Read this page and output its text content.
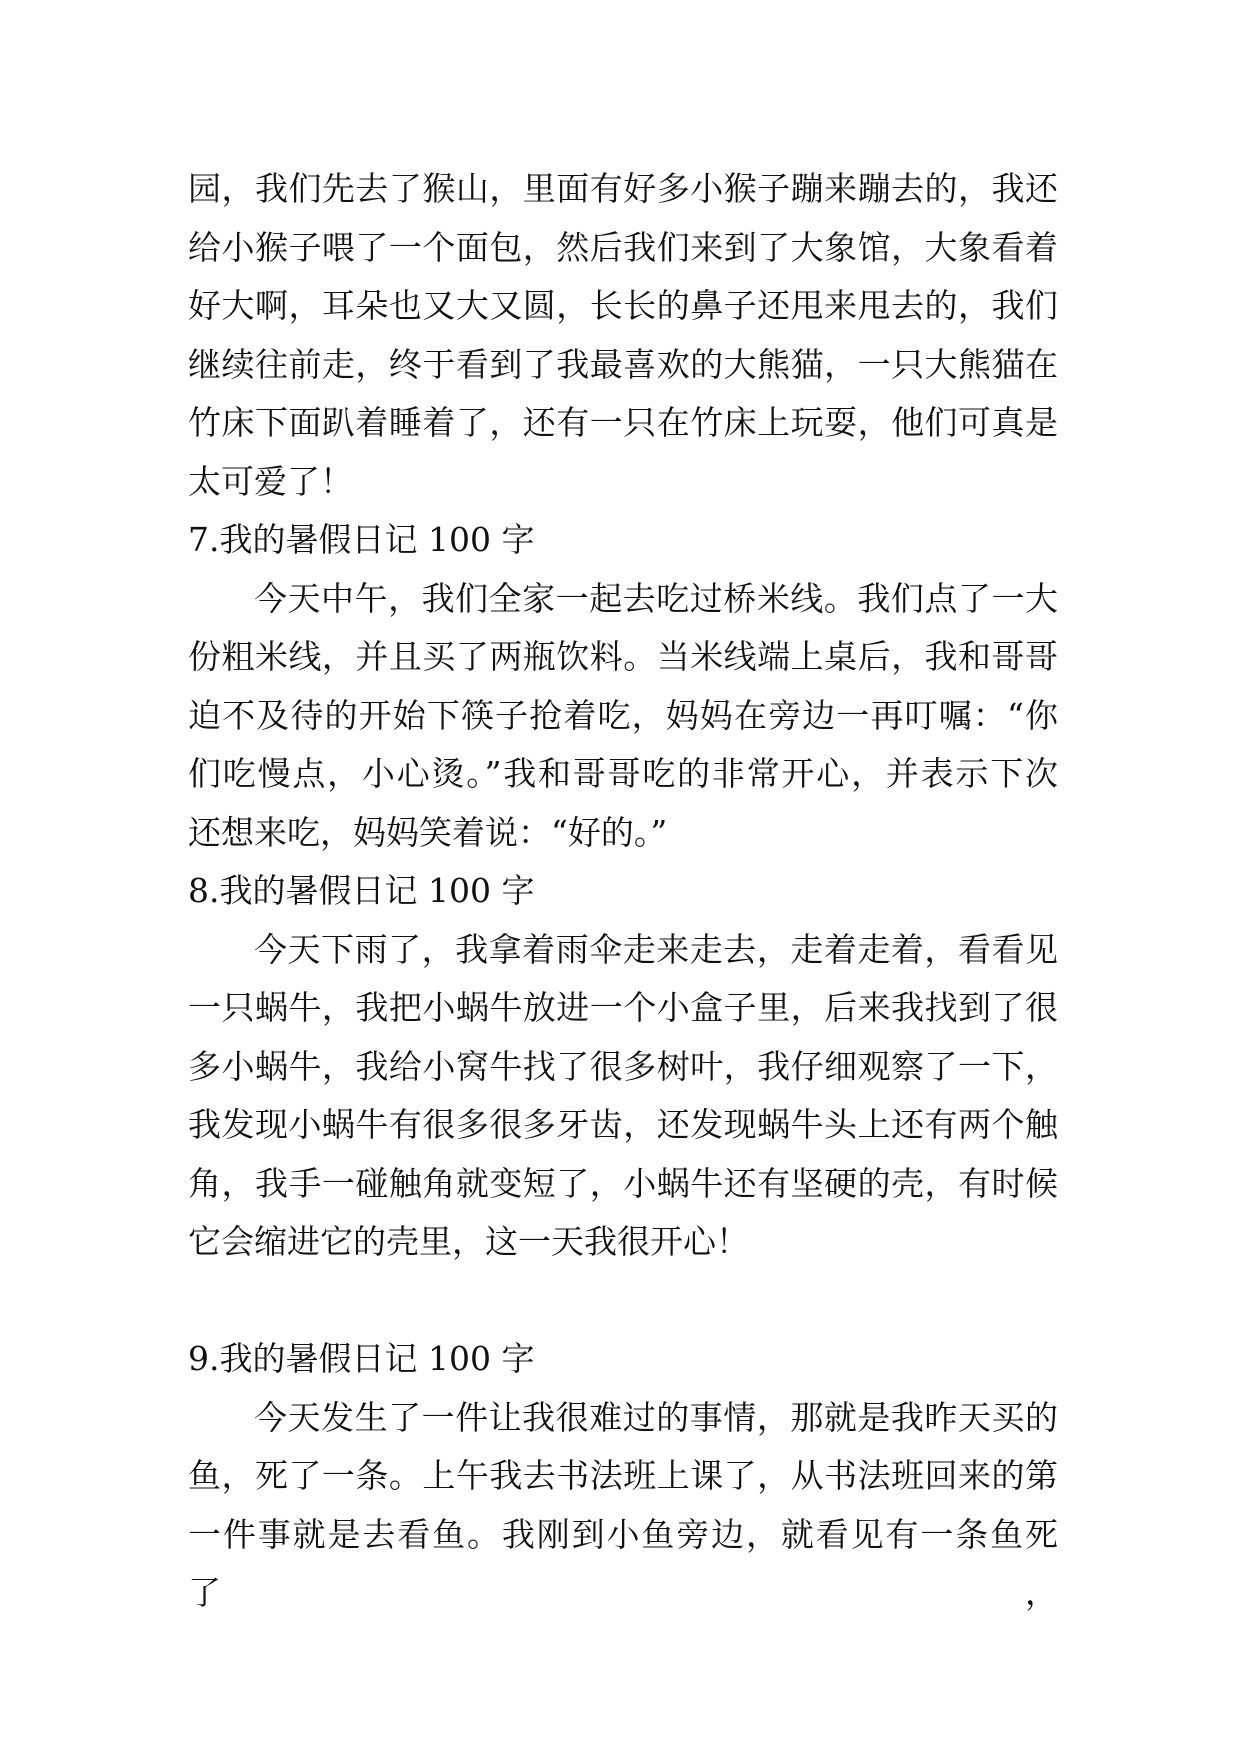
园，我们先去了猴山，里面有好多小猴子蹦来蹦去的，我还
给小猴子喂了一个面包，然后我们来到了大象馆，大象看着
好大啊，耳朵也又大又圆，长长的鼻子还甩来甩去的，我们
继续往前走，终于看到了我最喜欢的大熊猫，一只大熊猫在
竹床下面趴着睡着了，还有一只在竹床上玩耍，他们可真是
太可爱了！
7.我的暑假日记 100 字
今天中午，我们全家一起去吃过桥米线。我们点了一大
份粗米线，并且买了两瓶饮料。当米线端上桌后，我和哥哥
迫不及待的开始下筷子抢着吃，妈妈在旁边一再叮嘱：“你
们吃慢点，小心烫。”我和哥哥吃的非常开心，并表示下次
还想来吃，妈妈笑着说：“好的。”
8.我的暑假日记 100 字
今天下雨了，我拿着雨伞走来走去，走着走着，看看见
一只蜗牛，我把小蜗牛放进一个小盒子里，后来我找到了很
多小蜗牛，我给小窝牛找了很多树叶，我仔细观察了一下，
我发现小蜗牛有很多很多牙齿，还发现蜗牛头上还有两个触
角，我手一碰触角就变短了，小蜗牛还有坚硬的壳，有时候
它会缩进它的壳里，这一天我很开心！
9.我的暑假日记 100 字
今天发生了一件让我很难过的事情，那就是我昨天买的
鱼，死了一条。上午我去书法班上课了，从书法班回来的第
一件事就是去看鱼。我刚到小鱼旁边，就看见有一条鱼死了，
